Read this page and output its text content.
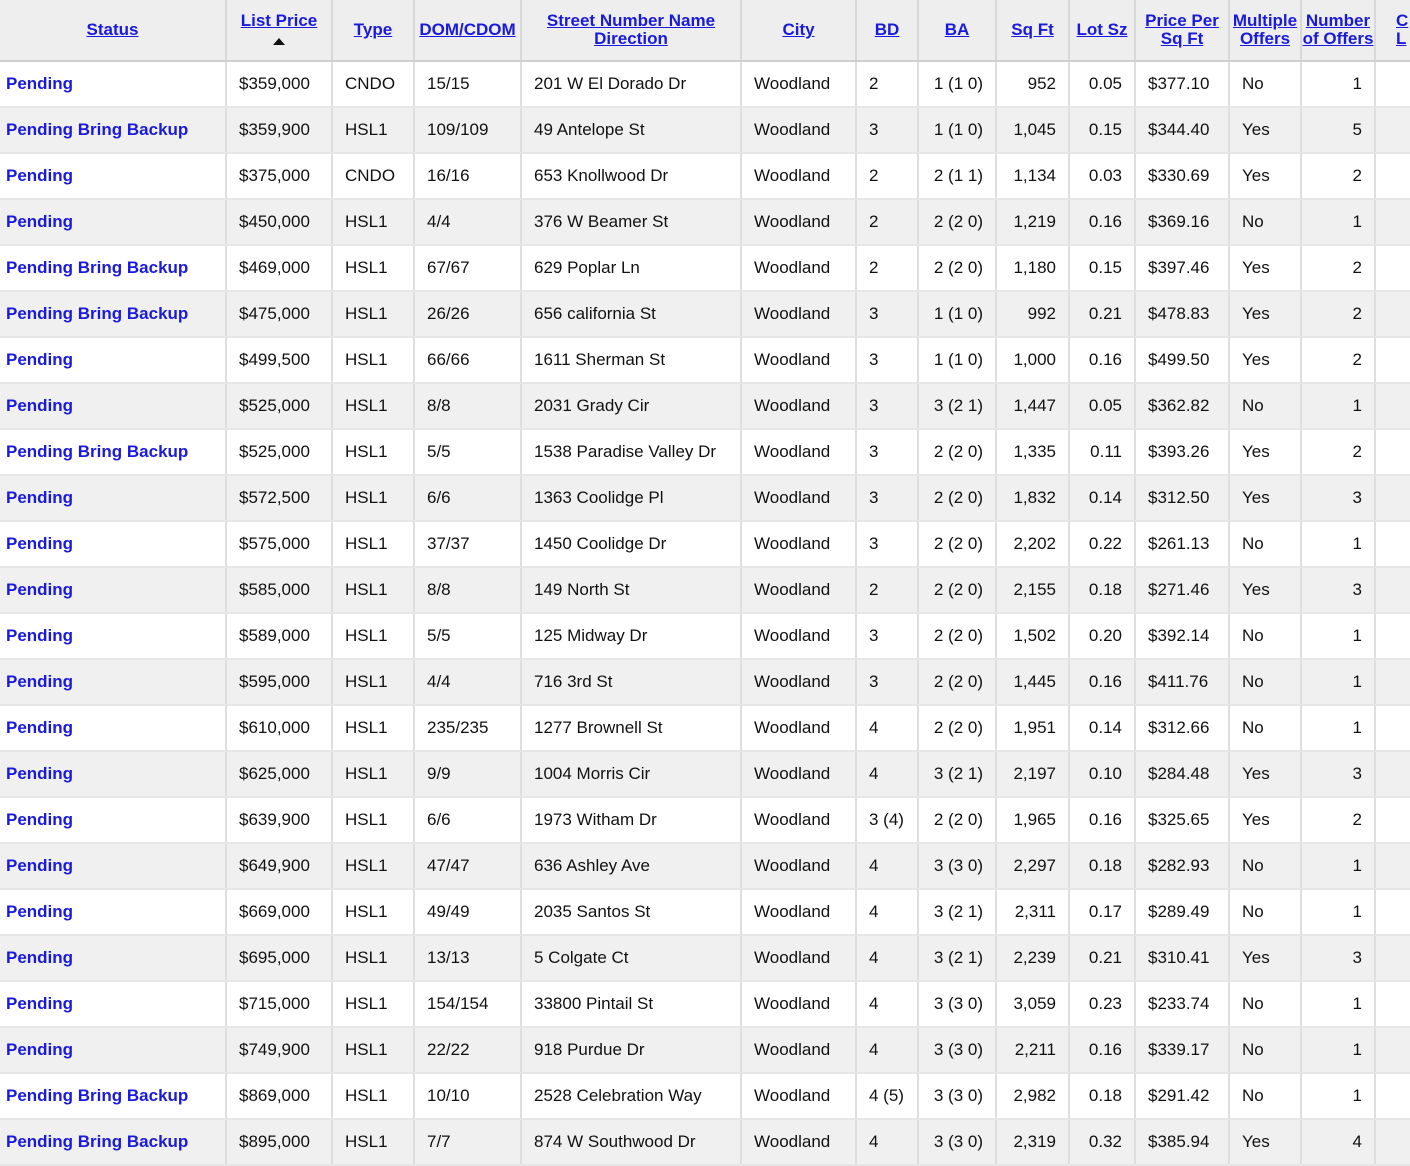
Status	List Price	Type	DOM/CDOM	Street Number Name Direction	City	BD	BA	Sq Ft	Lot Sz	Price Per Sq Ft	Multiple Offers	Number of Offers	C L
Pending	$359,000	CNDO	15/15	201 W El Dorado Dr	Woodland	2	1 (1 0)	952	0.05	$377.10	No	1	
Pending Bring Backup	$359,900	HSL1	109/109	49 Antelope St	Woodland	3	1 (1 0)	1,045	0.15	$344.40	Yes	5	
Pending	$375,000	CNDO	16/16	653 Knollwood Dr	Woodland	2	2 (1 1)	1,134	0.03	$330.69	Yes	2	
Pending	$450,000	HSL1	4/4	376 W Beamer St	Woodland	2	2 (2 0)	1,219	0.16	$369.16	No	1	
Pending Bring Backup	$469,000	HSL1	67/67	629 Poplar Ln	Woodland	2	2 (2 0)	1,180	0.15	$397.46	Yes	2	
Pending Bring Backup	$475,000	HSL1	26/26	656 california St	Woodland	3	1 (1 0)	992	0.21	$478.83	Yes	2	
Pending	$499,500	HSL1	66/66	1611 Sherman St	Woodland	3	1 (1 0)	1,000	0.16	$499.50	Yes	2	
Pending	$525,000	HSL1	8/8	2031 Grady Cir	Woodland	3	3 (2 1)	1,447	0.05	$362.82	No	1	
Pending Bring Backup	$525,000	HSL1	5/5	1538 Paradise Valley Dr	Woodland	3	2 (2 0)	1,335	0.11	$393.26	Yes	2	
Pending	$572,500	HSL1	6/6	1363 Coolidge Pl	Woodland	3	2 (2 0)	1,832	0.14	$312.50	Yes	3	
Pending	$575,000	HSL1	37/37	1450 Coolidge Dr	Woodland	3	2 (2 0)	2,202	0.22	$261.13	No	1	
Pending	$585,000	HSL1	8/8	149 North St	Woodland	2	2 (2 0)	2,155	0.18	$271.46	Yes	3	
Pending	$589,000	HSL1	5/5	125 Midway Dr	Woodland	3	2 (2 0)	1,502	0.20	$392.14	No	1	
Pending	$595,000	HSL1	4/4	716 3rd St	Woodland	3	2 (2 0)	1,445	0.16	$411.76	No	1	
Pending	$610,000	HSL1	235/235	1277 Brownell St	Woodland	4	2 (2 0)	1,951	0.14	$312.66	No	1	
Pending	$625,000	HSL1	9/9	1004 Morris Cir	Woodland	4	3 (2 1)	2,197	0.10	$284.48	Yes	3	
Pending	$639,900	HSL1	6/6	1973 Witham Dr	Woodland	3 (4)	2 (2 0)	1,965	0.16	$325.65	Yes	2	
Pending	$649,900	HSL1	47/47	636 Ashley Ave	Woodland	4	3 (3 0)	2,297	0.18	$282.93	No	1	
Pending	$669,000	HSL1	49/49	2035 Santos St	Woodland	4	3 (2 1)	2,311	0.17	$289.49	No	1	
Pending	$695,000	HSL1	13/13	5 Colgate Ct	Woodland	4	3 (2 1)	2,239	0.21	$310.41	Yes	3	
Pending	$715,000	HSL1	154/154	33800 Pintail St	Woodland	4	3 (3 0)	3,059	0.23	$233.74	No	1	
Pending	$749,900	HSL1	22/22	918 Purdue Dr	Woodland	4	3 (3 0)	2,211	0.16	$339.17	No	1	
Pending Bring Backup	$869,000	HSL1	10/10	2528 Celebration Way	Woodland	4 (5)	3 (3 0)	2,982	0.18	$291.42	No	1	
Pending Bring Backup	$895,000	HSL1	7/7	874 W Southwood Dr	Woodland	4	3 (3 0)	2,319	0.32	$385.94	Yes	4	
